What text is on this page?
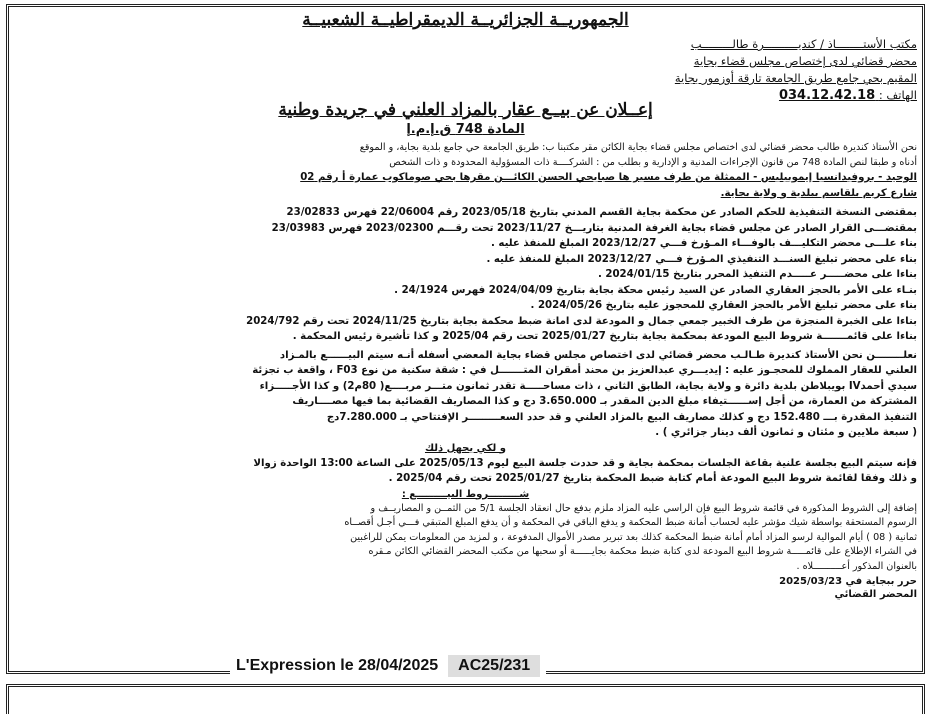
الجمهوريــة الجزائريــة الديمقراطيــة الشعبيــة
مكتب الأستــــــــاذ / كنديــــــــــرة طالـــــــــب
محضر قضائي لدى إختصاص مجلس قضاء بجاية
المقيم بحي جامع طريق الجامعة تارقة أوزمور بجاية
الهاتف : 034.12.42.18
إعــلان عن بيــع عقار بالمزاد العلني في جريدة وطنية
المادة 748 ق.إ.م.إ

نحن الأستاذ كنديرة طالب محضر قضائي لدى اختصاص مجلس قضاء بجاية الكائن مقر مكتبنا ب: طريق الجامعة حي جامع بلدية بجاية، و الموقع

أدناه و طبقا لنص المادة 748 من قانون الإجراءات المدنية و الإدارية و بطلب من : الشركــــة ذات المسؤولية المحدودة و ذات الشخص

الوحيد - بروفيدانسيا إيموبيليس - الممثلة من طرف مسير ها صبايحي الحسن الكائـــن مقرها بحي صوماكوب عمارة أ رقم 02

شارع كريم بلقاسم ببلدية و ولاية بجاية.

بمقتضى النسخة التنفيذية للحكم الصادر عن محكمة بجاية القسم المدني بتاريخ 2023/05/18 رقم 22/06004 فهرس 23/02833

بمقتضـــى القرار الصادر عن مجلس قضاء بجاية الغرفة المدنية بتاريـــخ 2023/11/27 تحت رقـــم 2023/02300 فهرس 23/03983

بناء علـــى محضر التكليـــف بالوفـــاء المـؤرخ فـــي 2023/12/27 المبلغ للمنفذ عليه .

بناء على محضر تبليغ السنـــد التنفيذي المـؤرخ فـــي 2023/12/27 المبلغ للمنفذ عليه .

بناءا على محضـــــر عـــــدم التنفيذ المحرر بتاريخ 2024/01/15 .

بنـاء على الأمر بالحجز العقاري الصادر عن السيد رئيس محكة بجاية بتاريخ 2024/04/09 فهرس 24/1924 .

بناء على محضر تبليغ الأمر بالحجز العقاري للمحجوز عليه بتاريخ 2024/05/26 .

بناءا على الخبرة المنجزة من طرف الخبير جمعي جمال و المودعة لدى امانة ضبط محكمة بجاية بتاريخ 2024/11/25 تحت رقم 2024/792

بناءا على قائمـــــــة شروط البيع المودعة بمحكمة بجاية بتاريخ 2025/01/27 تحت رقم 2025/04 و كذا تأشيرة رئيس المحكمة .

نعلــــــــن نحن الأستاذ كنديرة طـالـب محضر قضائي لدى اختصاص مجلس قضاء بجاية المعضي أسفله أنـه سيتم البيــــــع بالمـزاد

العلني للعقار المملوك للمحجـوز عليه : إيديـــري عبدالعزيز بن محند أمقران المتـــــــل في : شقة سكنية من نوع F03 ، واقعة ب تجزئة

سيدي أحمدIV بويبلاطن بلدية دائرة و ولاية بجاية، الطابق الثاني ، ذات مساحـــــة تقدر ثمانون متـــر مربــــع( 80م2) و كذا الأجـــــزاء

المشتركة من العمارة، من أجل إســــــتيفاء مبلغ الدين المقدر بـ 3.650.000 دج و كذا المصاريف القضائية بما فيها مصــــاريف

التنفيذ المقدرة بـــ 152.480 دج و كذلك مصاريف البيع بالمزاد العلني و قد حدد السعـــــــــر الإفتتاحي بـ 7.280.000دج

( سبعة ملايين و مئتان و ثمانون ألف دينار جزائري ) .

و لكي يجهل ذلك

فإنه سيتم البيع بجلسة علنية بقاعة الجلسات بمحكمة بجاية و قد حددت جلسة البيع ليوم 2025/05/13 على الساعة 13:00 الواحدة زوالا

و ذلك وفقا لقائمة شروط البيع المودعة أمام كتابة ضبط المحكمة بتاريخ 2025/01/27 تحت رقم 2025/04 .

شـــــــــروط البيـــــــــع :

إضافة إلى الشروط المذكورة في قائمة شروط البيع فإن الراسي عليه المزاد ملزم بدفع حال انعقاد الجلسة 5/1 من الثمــن و المصاريــف و

الرسوم المستحقة بواسطة شيك مؤشر عليه لحساب أمانة ضبط المحكمة و يدفع الباقي في المحكمة و أن يدفع المبلغ المتبقي فـــي أجـل أقصــاه

ثمانية ( 08 ) أيام الموالية لرسو المزاد أمام أمانة ضبط المحكمة كذلك بعد تبرير مصدر الأموال المدفوعة ، و لمزيد من المعلومات يمكن للراغبين

في الشراء الإطلاع على قائمـــــة شروط البيع المودعة لدى كتابة ضبط محكمة بجايــــــة أو سحبها من مكتب المحضر القضائي الكائن مـقره

بالعنوان المذكور أعــــــــــلاه .

حرر ببجاية في 2025/03/23
المحضر القضائي
L'Expression le 28/04/2025	AC25/231
